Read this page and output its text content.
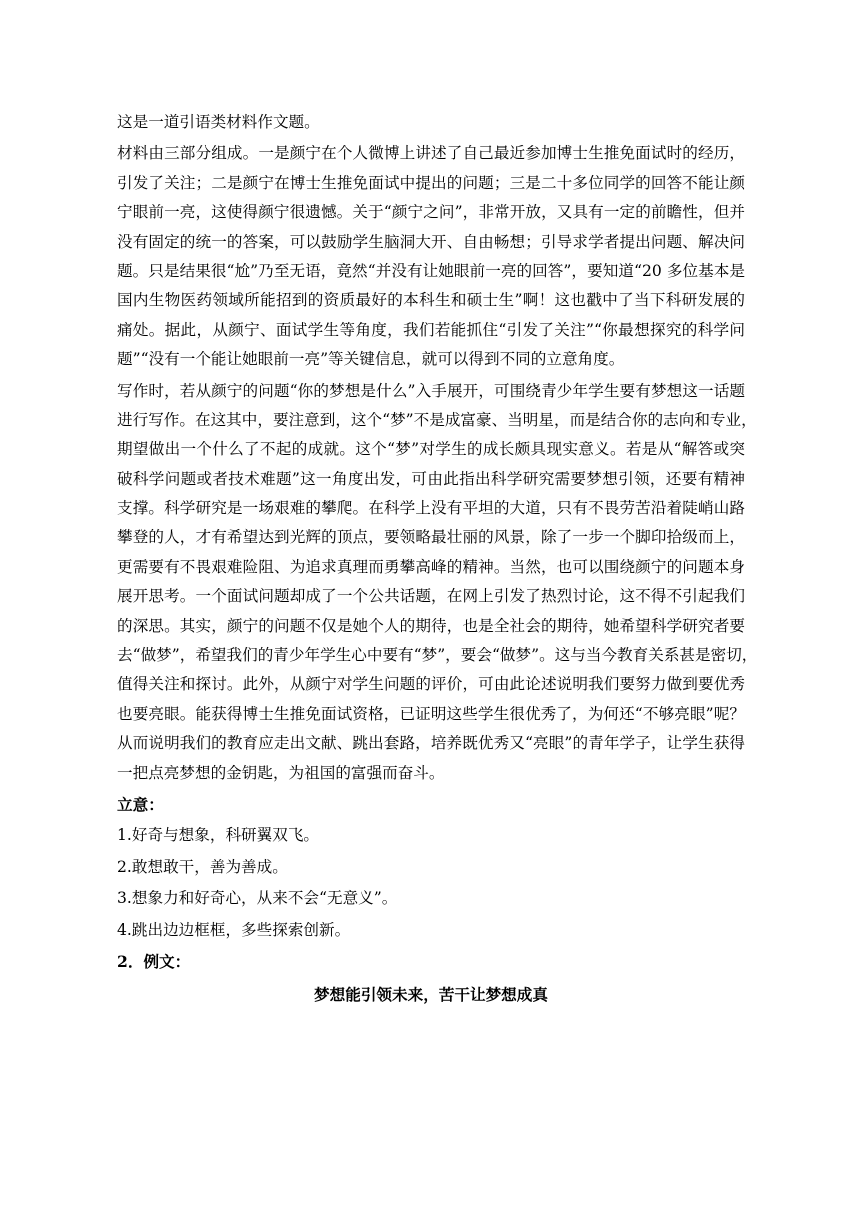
这是一道引语类材料作文题。
材料由三部分组成。一是颜宁在个人微博上讲述了自己最近参加博士生推免面试时的经历，
引发了关注；二是颜宁在博士生推免面试中提出的问题；三是二十多位同学的回答不能让颜
宁眼前一亮，这使得颜宁很遗憾。关于“颜宁之问”，非常开放，又具有一定的前瞻性，但并
没有固定的统一的答案，可以鼓励学生脑洞大开、自由畅想；引导求学者提出问题、解决问
题。只是结果很“尬”乃至无语，竟然“并没有让她眼前一亮的回答”，要知道“20 多位基本是
国内生物医药领域所能招到的资质最好的本科生和硕士生”啊！这也戳中了当下科研发展的
痛处。据此，从颜宁、面试学生等角度，我们若能抓住“引发了关注”“你最想探究的科学问
题”“没有一个能让她眼前一亮”等关键信息，就可以得到不同的立意角度。
写作时，若从颜宁的问题“你的梦想是什么”入手展开，可围绕青少年学生要有梦想这一话题
进行写作。在这其中，要注意到，这个“梦”不是成富豪、当明星，而是结合你的志向和专业，
期望做出一个什么了不起的成就。这个“梦”对学生的成长颇具现实意义。若是从“解答或突
破科学问题或者技术难题”这一角度出发，可由此指出科学研究需要梦想引领，还要有精神
支撑。科学研究是一场艰难的攀爬。在科学上没有平坦的大道，只有不畏劳苦沿着陡峭山路
攀登的人，才有希望达到光辉的顶点，要领略最壮丽的风景，除了一步一个脚印拾级而上，
更需要有不畏艰难险阻、为追求真理而勇攀高峰的精神。当然，也可以围绕颜宁的问题本身
展开思考。一个面试问题却成了一个公共话题，在网上引发了热烈讨论，这不得不引起我们
的深思。其实，颜宁的问题不仅是她个人的期待，也是全社会的期待，她希望科学研究者要
去“做梦”，希望我们的青少年学生心中要有“梦”，要会“做梦”。这与当今教育关系甚是密切，
值得关注和探讨。此外，从颜宁对学生问题的评价，可由此论述说明我们要努力做到要优秀
也要亮眼。能获得博士生推免面试资格，已证明这些学生很优秀了，为何还“不够亮眼”呢？
从而说明我们的教育应走出文献、跳出套路，培养既优秀又“亮眼”的青年学子，让学生获得
一把点亮梦想的金钥匙，为祖国的富强而奋斗。
立意：
1.好奇与想象，科研翼双飞。
2.敢想敢干，善为善成。
3.想象力和好奇心，从来不会“无意义”。
4.跳出边边框框，多些探索创新。
2．例文：
梦想能引领未来，苦干让梦想成真
